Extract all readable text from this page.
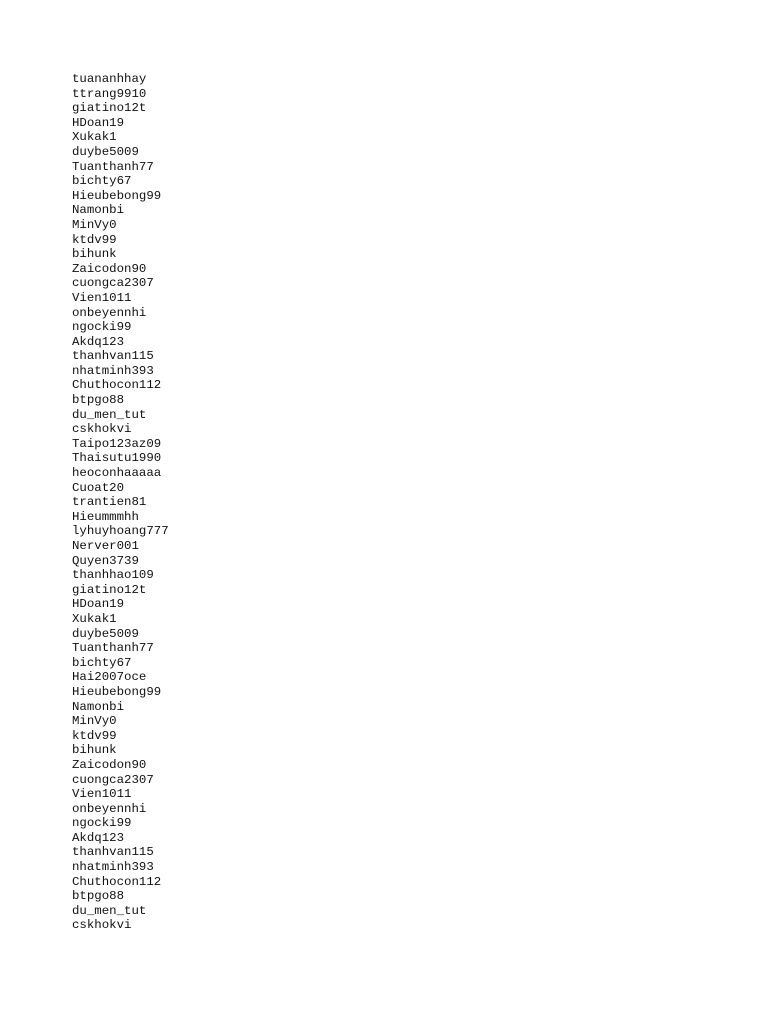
tuananhhay
ttrang9910
giatino12t
HDoan19
Xukak1
duybe5009
Tuanthanh77
bichty67
Hieubebong99
Namonbi
MinVy0
ktdv99
bihunk
Zaicodon90
cuongca2307
Vien1011
onbeyennhi
ngocki99
Akdq123
thanhvan115
nhatminh393
Chuthocon112
btpgo88
du_men_tut
cskhokvi
Taipo123az09
Thaisutu1990
heoconhaaaaa
Cuoat20
trantien81
Hieummmhh
lyhuyhoang777
Nerver001
Quyen3739
thanhhao109
giatino12t
HDoan19
Xukak1
duybe5009
Tuanthanh77
bichty67
Hai2007oce
Hieubebong99
Namonbi
MinVy0
ktdv99
bihunk
Zaicodon90
cuongca2307
Vien1011
onbeyennhi
ngocki99
Akdq123
thanhvan115
nhatminh393
Chuthocon112
btpgo88
du_men_tut
cskhokvi
